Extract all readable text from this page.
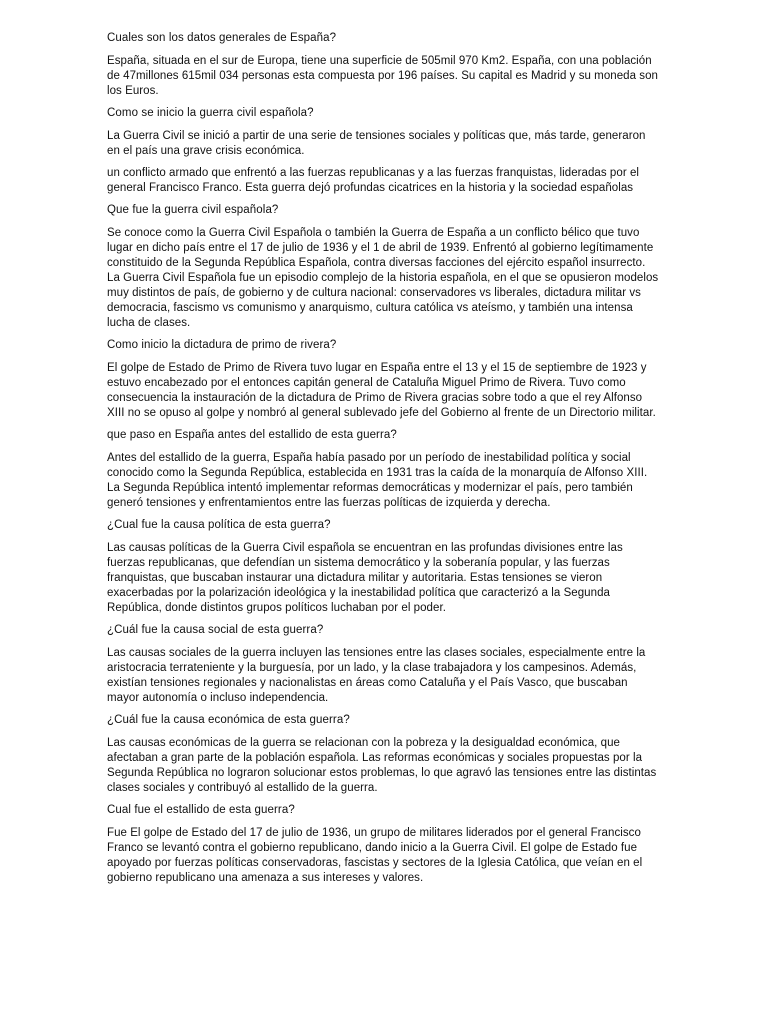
Cuales son los datos generales de España?

España, situada en el sur de Europa, tiene una superficie de 505mil 970 Km2. España, con una población de 47millones 615mil 034 personas esta compuesta por 196 países. Su capital es Madrid y su moneda son los Euros.

Como se inicio la guerra civil española?

La Guerra Civil se inició a partir de una serie de tensiones sociales y políticas que, más tarde, generaron en el país una grave crisis económica.

un conflicto armado que enfrentó a las fuerzas republicanas y a las fuerzas franquistas, lideradas por el general Francisco Franco. Esta guerra dejó profundas cicatrices en la historia y la sociedad españolas

Que fue la guerra civil española?

Se conoce como la Guerra Civil Española o también la Guerra de España a un conflicto bélico que tuvo lugar en dicho país entre el 17 de julio de 1936 y el 1 de abril de 1939. Enfrentó al gobierno legítimamente constituido de la Segunda República Española, contra diversas facciones del ejército español insurrecto. La Guerra Civil Española fue un episodio complejo de la historia española, en el que se opusieron modelos muy distintos de país, de gobierno y de cultura nacional: conservadores vs liberales, dictadura militar vs democracia, fascismo vs comunismo y anarquismo, cultura católica vs ateísmo, y también una intensa lucha de clases.

Como inicio la dictadura de primo de rivera?

El golpe de Estado de Primo de Rivera tuvo lugar en España entre el 13 y el 15 de septiembre de 1923 y estuvo encabezado por el entonces capitán general de Cataluña Miguel Primo de Rivera. Tuvo como consecuencia la instauración de la dictadura de Primo de Rivera gracias sobre todo a que el rey Alfonso XIII no se opuso al golpe y nombró al general sublevado jefe del Gobierno al frente de un Directorio militar.

que paso en España antes del estallido de esta guerra?

Antes del estallido de la guerra, España había pasado por un período de inestabilidad política y social conocido como la Segunda República, establecida en 1931 tras la caída de la monarquía de Alfonso XIII. La Segunda República intentó implementar reformas democráticas y modernizar el país, pero también generó tensiones y enfrentamientos entre las fuerzas políticas de izquierda y derecha.

¿Cual fue la causa política de esta guerra?

Las causas políticas de la Guerra Civil española se encuentran en las profundas divisiones entre las fuerzas republicanas, que defendían un sistema democrático y la soberanía popular, y las fuerzas franquistas, que buscaban instaurar una dictadura militar y autoritaria. Estas tensiones se vieron exacerbadas por la polarización ideológica y la inestabilidad política que caracterizó a la Segunda República, donde distintos grupos políticos luchaban por el poder.

¿Cuál fue la causa social de esta guerra?

Las causas sociales de la guerra incluyen las tensiones entre las clases sociales, especialmente entre la aristocracia terrateniente y la burguesía, por un lado, y la clase trabajadora y los campesinos. Además, existían tensiones regionales y nacionalistas en áreas como Cataluña y el País Vasco, que buscaban mayor autonomía o incluso independencia.

¿Cuál fue la causa económica de esta guerra?

Las causas económicas de la guerra se relacionan con la pobreza y la desigualdad económica, que afectaban a gran parte de la población española. Las reformas económicas y sociales propuestas por la Segunda República no lograron solucionar estos problemas, lo que agravó las tensiones entre las distintas clases sociales y contribuyó al estallido de la guerra.

Cual fue el estallido de esta guerra?

Fue El golpe de Estado del 17 de julio de 1936, un grupo de militares liderados por el general Francisco Franco se levantó contra el gobierno republicano, dando inicio a la Guerra Civil. El golpe de Estado fue apoyado por fuerzas políticas conservadoras, fascistas y sectores de la Iglesia Católica, que veían en el gobierno republicano una amenaza a sus intereses y valores.
